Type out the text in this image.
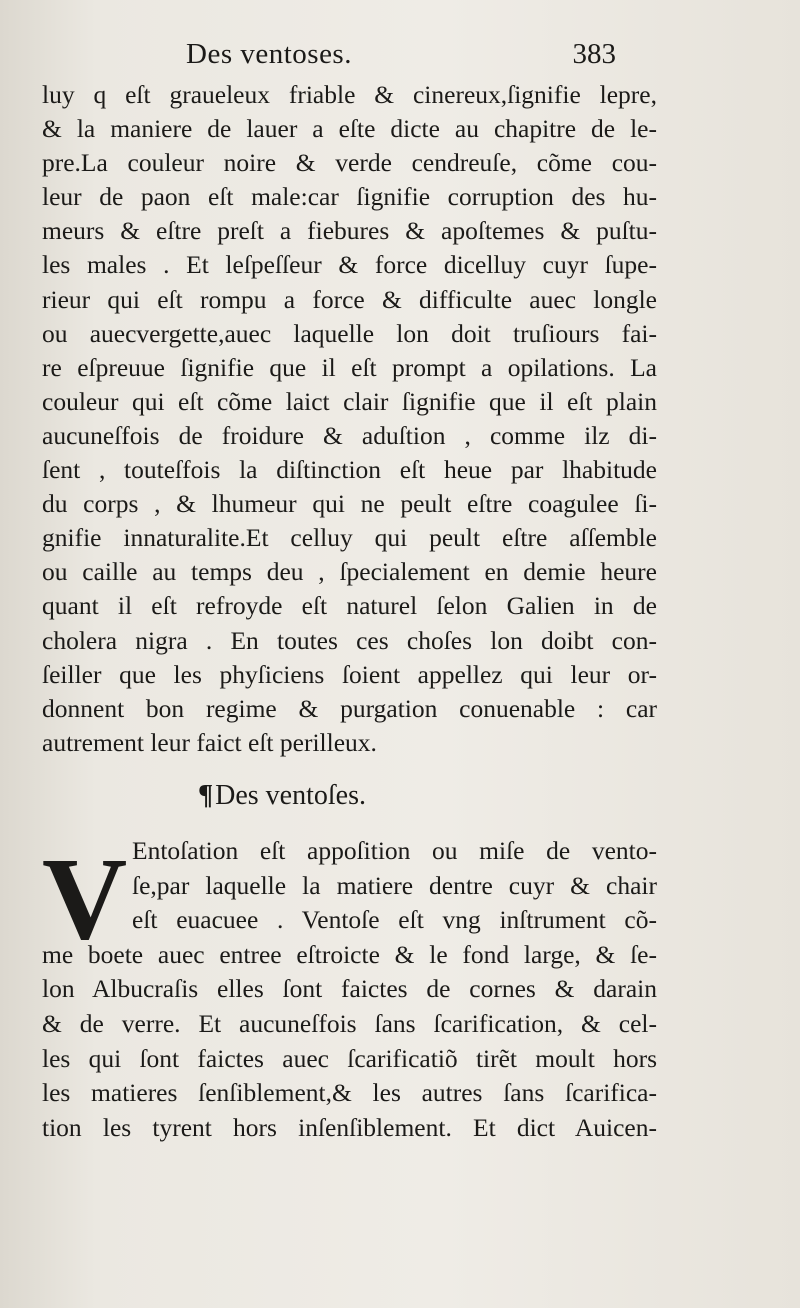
Des ventoses.	383
luy q eſt graueleux friable & cinereux,ſignifie lepre,
& la maniere de lauer a eſte dicte au chapitre de le-
pre.La couleur noire & verde cendreuſe, cõme cou-
leur de paon eſt male:car ſignifie corruption des hu-
meurs & eſtre preſt a fiebures & apoſtemes & puſtu-
les males . Et leſpeſſeur & force dicelluy cuyr ſupe-
rieur qui eſt rompu a force & difficulte auec longle
ou auecvergette,auec laquelle lon doit truſiours fai-
re eſpreuue ſignifie que il eſt prompt a opilations. La
couleur qui eſt cõme laict clair ſignifie que il eſt plain
aucuneſfois de froidure & aduſtion , comme ilz di-
ſent , touteſfois la diſtinction eſt heue par lhabitude
du corps , & lhumeur qui ne peult eſtre coagulee ſi-
gnifie innaturalite.Et celluy qui peult eſtre aſſemble
ou caille au temps deu , ſpecialement en demie heure
quant il eſt refroyde eſt naturel ſelon Galien in de
cholera nigra . En toutes ces choſes lon doibt con-
ſeiller que les phyſiciens ſoient appellez qui leur or-
donnent bon regime & purgation conuenable : car
autrement leur faict eſt perilleux.
¶Des ventoſes.
V Entoſation eſt appoſition ou miſe de vento-
ſe,par laquelle la matiere dentre cuyr & chair
eſt euacuee . Ventoſe eſt vng inſtrument cõ-
me boete auec entree eſtroicte & le fond large, & ſe-
lon Albucraſis elles ſont faictes de cornes & darain
& de verre. Et aucuneſfois ſans ſcarification, & cel-
les qui ſont faictes auec ſcarificatiõ tirẽt moult hors
les matieres ſenſiblement,& les autres ſans ſcarifica-
tion les tyrent hors inſenſiblement. Et dict Auicen-
